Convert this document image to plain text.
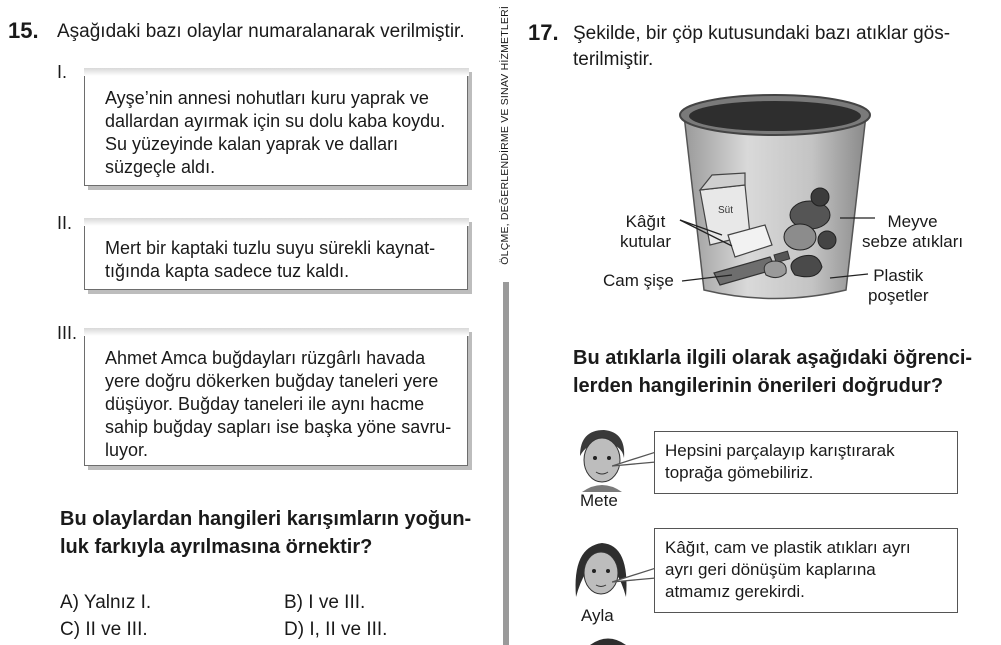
15. Aşağıdaki bazı olaylar numaralanarak verilmiştir.
I.
Ayşe’nin annesi nohutları kuru yaprak ve
dallardan ayırmak için su dolu kaba koydu.
Su yüzeyinde kalan yaprak ve dalları
süzgeçle aldı.
II.
Mert bir kaptaki tuzlu suyu sürekli kaynat-
tığında kapta sadece tuz kaldı.
III.
Ahmet Amca buğdayları rüzgârlı havada
yere doğru dökerken buğday taneleri yere
düşüyor. Buğday taneleri ile aynı hacme
sahip buğday sapları ise başka yöne savru-
luyor.
Bu olaylardan hangileri karışımların yoğun-
luk farkıyla ayrılmasına örnektir?
A) Yalnız I.	B) I ve III.
C) II ve III.	D) I, II ve III.
ÖLÇME, DEĞERLENDİRME VE SINAV HİZMETLERİ 17. Şekilde, bir çöp kutusundaki bazı atıklar gös-
terilmiştir.
Süt
Kâğıt
kutular
Cam şişe
Meyve
sebze atıkları
Plastik
poşetler
Bu atıklarla ilgili olarak aşağıdaki öğrenci-
lerden hangilerinin önerileri doğrudur?
Mete
Hepsini parçalayıp karıştırarak
toprağa gömebiliriz.
Ayla
Kâğıt, cam ve plastik atıkları ayrı
ayrı geri dönüşüm kaplarına
atmamız gerekirdi.
